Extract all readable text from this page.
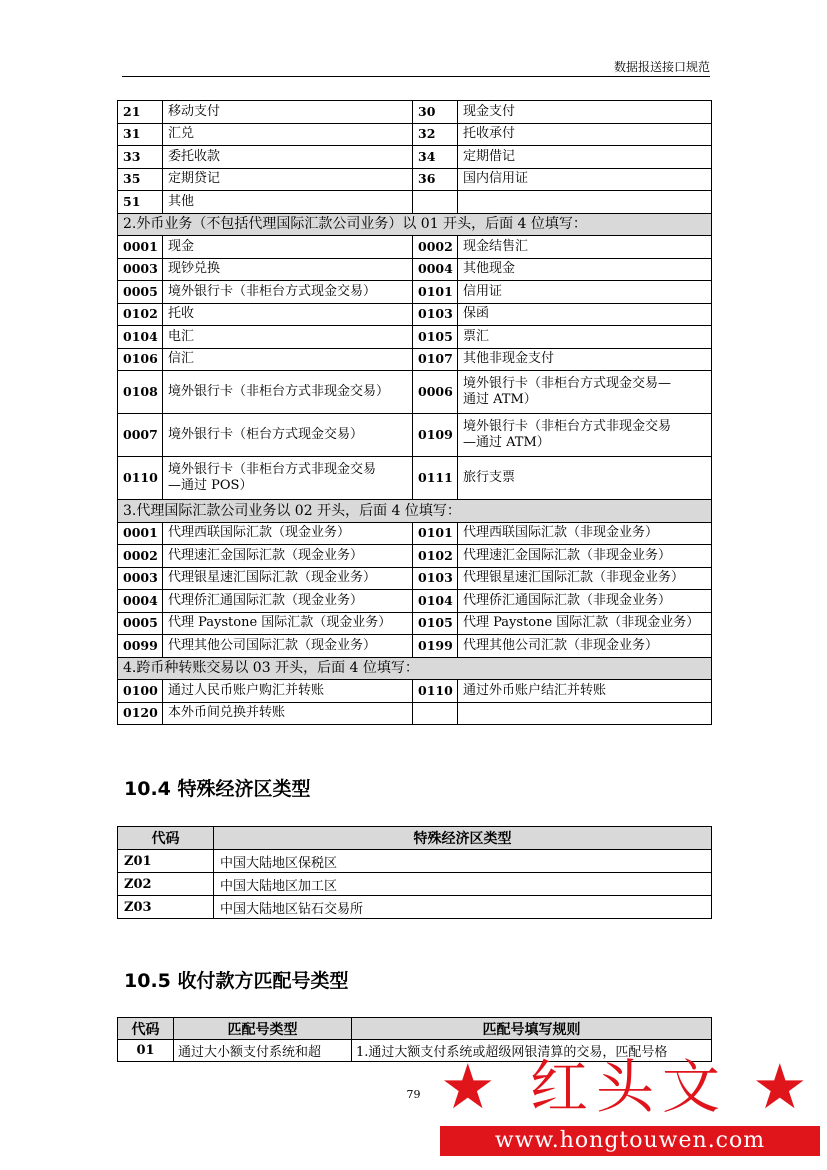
数据报送接口规范
21	移动支付	30	现金支付
31	汇兑	32	托收承付
33	委托收款	34	定期借记
35	定期贷记	36	国内信用证
51	其他		
2.外币业务（不包括代理国际汇款公司业务）以 01 开头，后面 4 位填写：			
0001	现金	0002	现金结售汇
0003	现钞兑换	0004	其他现金
0005	境外银行卡（非柜台方式现金交易）	0101	信用证
0102	托收	0103	保函
0104	电汇	0105	票汇
0106	信汇	0107	其他非现金支付
0108	境外银行卡（非柜台方式非现金交易）	0006	境外银行卡（非柜台方式现金交易—
通过 ATM）

0007	境外银行卡（柜台方式现金交易）	0109	境外银行卡（非柜台方式非现金交易
—通过 ATM）

0110	境外银行卡（非柜台方式非现金交易
—通过 POS）	0111	旅行支票

3.代理国际汇款公司业务以 02 开头，后面 4 位填写：			
0001	代理西联国际汇款（现金业务）	0101	代理西联国际汇款（非现金业务）
0002	代理速汇金国际汇款（现金业务）	0102	代理速汇金国际汇款（非现金业务）
0003	代理银星速汇国际汇款（现金业务）	0103	代理银星速汇国际汇款（非现金业务）
0004	代理侨汇通国际汇款（现金业务）	0104	代理侨汇通国际汇款（非现金业务）
0005	代理 Paystone 国际汇款（现金业务）	0105	代理 Paystone 国际汇款（非现金业务）
0099	代理其他公司国际汇款（现金业务）	0199	代理其他公司汇款（非现金业务）
4.跨币种转账交易以 03 开头，后面 4 位填写：			
0100	通过人民币账户购汇并转账	0110	通过外币账户结汇并转账
0120	本外币间兑换并转账		
10.4 特殊经济区类型
代码	特殊经济区类型
Z01	中国大陆地区保税区
Z02	中国大陆地区加工区
Z03	中国大陆地区钻石交易所
10.5 收付款方匹配号类型
代码	匹配号类型	匹配号填写规则
01	通过大小额支付系统和超	1.通过大额支付系统或超级网银清算的交易，匹配号格
79 ★ 红头文 ★
www.hongtouwen.com
